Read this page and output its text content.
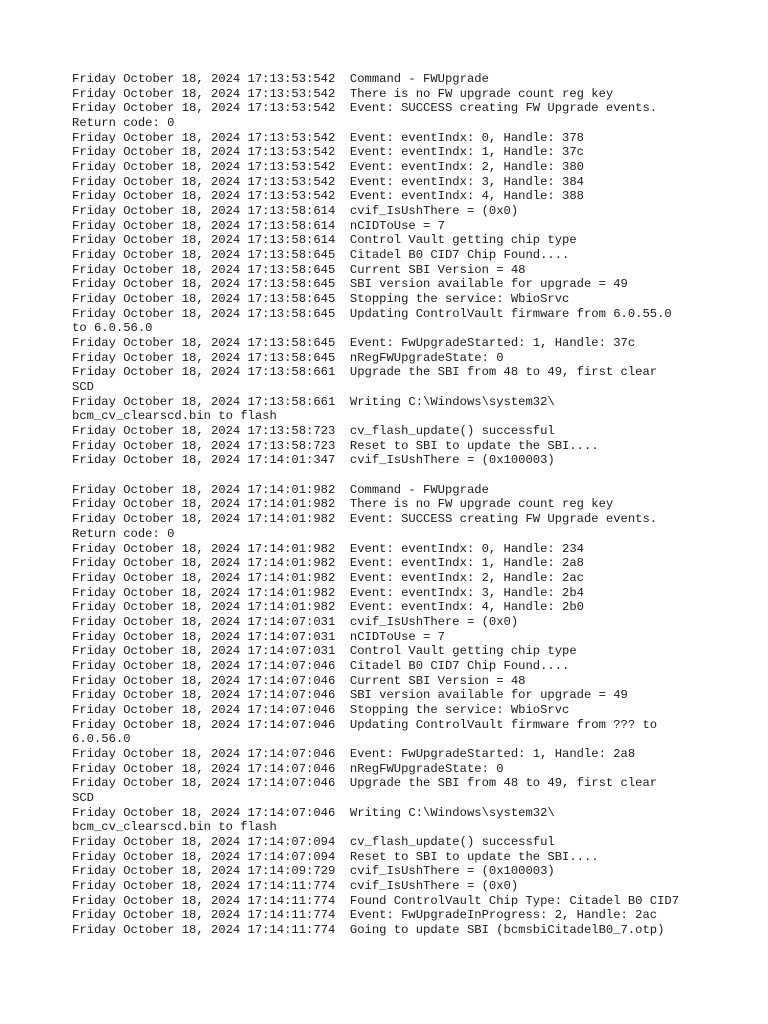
Friday October 18, 2024 17:13:53:542  Command - FWUpgrade
Friday October 18, 2024 17:13:53:542  There is no FW upgrade count reg key
Friday October 18, 2024 17:13:53:542  Event: SUCCESS creating FW Upgrade events.
Return code: 0
Friday October 18, 2024 17:13:53:542  Event: eventIndx: 0, Handle: 378
Friday October 18, 2024 17:13:53:542  Event: eventIndx: 1, Handle: 37c
Friday October 18, 2024 17:13:53:542  Event: eventIndx: 2, Handle: 380
Friday October 18, 2024 17:13:53:542  Event: eventIndx: 3, Handle: 384
Friday October 18, 2024 17:13:53:542  Event: eventIndx: 4, Handle: 388
Friday October 18, 2024 17:13:58:614  cvif_IsUshThere = (0x0)
Friday October 18, 2024 17:13:58:614  nCIDToUse = 7
Friday October 18, 2024 17:13:58:614  Control Vault getting chip type
Friday October 18, 2024 17:13:58:645  Citadel B0 CID7 Chip Found....
Friday October 18, 2024 17:13:58:645  Current SBI Version = 48
Friday October 18, 2024 17:13:58:645  SBI version available for upgrade = 49
Friday October 18, 2024 17:13:58:645  Stopping the service: WbioSrvc
Friday October 18, 2024 17:13:58:645  Updating ControlVault firmware from 6.0.55.0
to 6.0.56.0
Friday October 18, 2024 17:13:58:645  Event: FwUpgradeStarted: 1, Handle: 37c
Friday October 18, 2024 17:13:58:645  nRegFWUpgradeState: 0
Friday October 18, 2024 17:13:58:661  Upgrade the SBI from 48 to 49, first clear
SCD
Friday October 18, 2024 17:13:58:661  Writing C:\Windows\system32\
bcm_cv_clearscd.bin to flash
Friday October 18, 2024 17:13:58:723  cv_flash_update() successful
Friday October 18, 2024 17:13:58:723  Reset to SBI to update the SBI....
Friday October 18, 2024 17:14:01:347  cvif_IsUshThere = (0x100003)
Friday October 18, 2024 17:14:01:982  Command - FWUpgrade
Friday October 18, 2024 17:14:01:982  There is no FW upgrade count reg key
Friday October 18, 2024 17:14:01:982  Event: SUCCESS creating FW Upgrade events.
Return code: 0
Friday October 18, 2024 17:14:01:982  Event: eventIndx: 0, Handle: 234
Friday October 18, 2024 17:14:01:982  Event: eventIndx: 1, Handle: 2a8
Friday October 18, 2024 17:14:01:982  Event: eventIndx: 2, Handle: 2ac
Friday October 18, 2024 17:14:01:982  Event: eventIndx: 3, Handle: 2b4
Friday October 18, 2024 17:14:01:982  Event: eventIndx: 4, Handle: 2b0
Friday October 18, 2024 17:14:07:031  cvif_IsUshThere = (0x0)
Friday October 18, 2024 17:14:07:031  nCIDToUse = 7
Friday October 18, 2024 17:14:07:031  Control Vault getting chip type
Friday October 18, 2024 17:14:07:046  Citadel B0 CID7 Chip Found....
Friday October 18, 2024 17:14:07:046  Current SBI Version = 48
Friday October 18, 2024 17:14:07:046  SBI version available for upgrade = 49
Friday October 18, 2024 17:14:07:046  Stopping the service: WbioSrvc
Friday October 18, 2024 17:14:07:046  Updating ControlVault firmware from ??? to
6.0.56.0
Friday October 18, 2024 17:14:07:046  Event: FwUpgradeStarted: 1, Handle: 2a8
Friday October 18, 2024 17:14:07:046  nRegFWUpgradeState: 0
Friday October 18, 2024 17:14:07:046  Upgrade the SBI from 48 to 49, first clear
SCD
Friday October 18, 2024 17:14:07:046  Writing C:\Windows\system32\
bcm_cv_clearscd.bin to flash
Friday October 18, 2024 17:14:07:094  cv_flash_update() successful
Friday October 18, 2024 17:14:07:094  Reset to SBI to update the SBI....
Friday October 18, 2024 17:14:09:729  cvif_IsUshThere = (0x100003)
Friday October 18, 2024 17:14:11:774  cvif_IsUshThere = (0x0)
Friday October 18, 2024 17:14:11:774  Found ControlVault Chip Type: Citadel B0 CID7
Friday October 18, 2024 17:14:11:774  Event: FwUpgradeInProgress: 2, Handle: 2ac
Friday October 18, 2024 17:14:11:774  Going to update SBI (bcmsbiCitadelB0_7.otp)
